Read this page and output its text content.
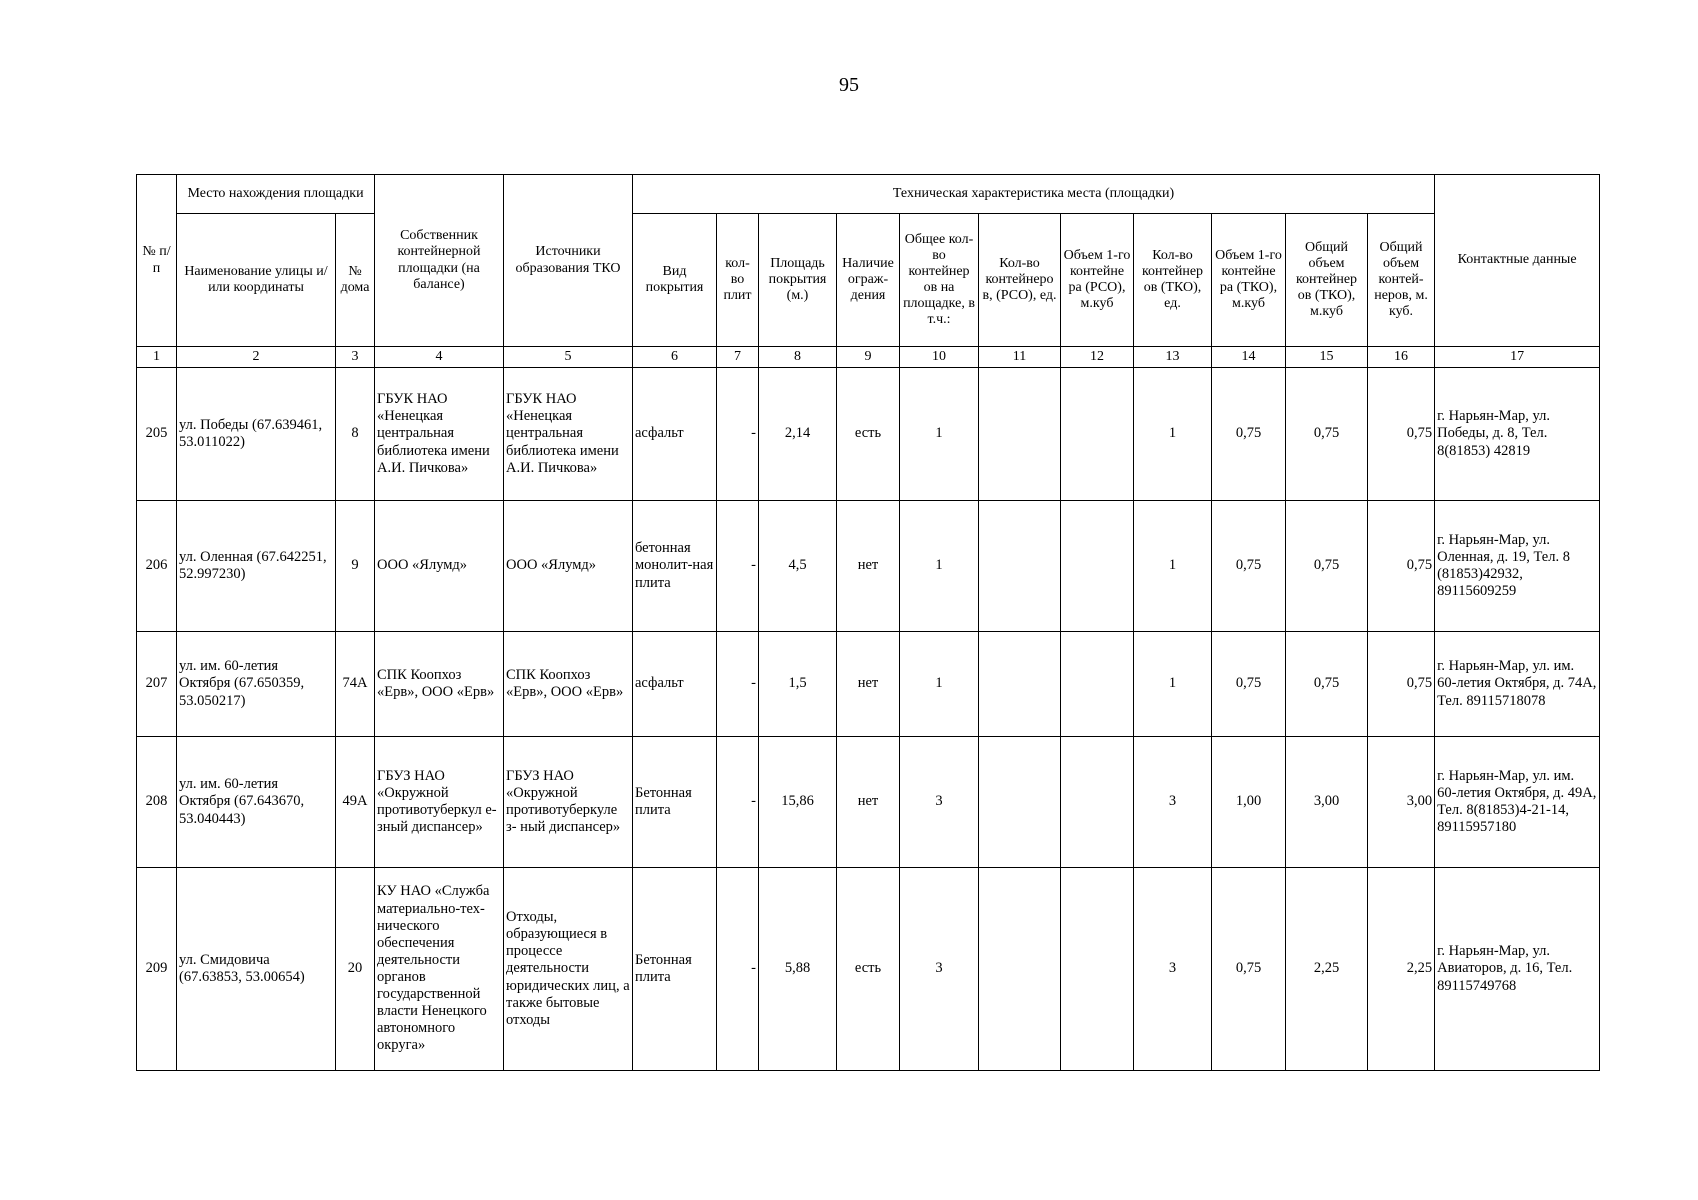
95
№ п/п	Место нахождения площадки		Собственник контейнерной площадки (на балансе)	Источники образования ТКО	Техническая характеристика места (площадки)											Контактные данные
	Наименование улицы и/или координаты	№ дома			Вид покрытия	кол-во плит	Площадь покрытия (м.)	Наличие ограж-дения	Общее кол-во контейнер ов на площадке, в т.ч.:	Кол-во контейнеро в, (РСО), ед.	Объем 1-го контейне ра (РСО), м.куб	Кол-во контейнер ов (ТКО), ед.	Объем 1-го контейне ра (ТКО), м.куб	Общий объем контейнер ов (ТКО), м.куб	Общий объем контей-неров, м. куб.	
1	2	3	4	5	6	7	8	9	10	11	12	13	14	15	16	17
205	ул. Победы (67.639461, 53.011022)	8	ГБУК НАО «Ненецкая центральная библиотека имени А.И. Пичкова»	ГБУК НАО «Ненецкая центральная библиотека имени А.И. Пичкова»	асфальт	-	2,14	есть	1			1	0,75	0,75	0,75	г. Нарьян-Мар, ул. Победы, д. 8, Тел. 8(81853) 42819
206	ул. Оленная (67.642251, 52.997230)	9	ООО «Ялумд»	ООО «Ялумд»	бетонная монолит-ная плита	-	4,5	нет	1			1	0,75	0,75	0,75	г. Нарьян-Мар, ул. Оленная, д. 19, Тел. 8 (81853)42932, 89115609259
207	ул. им. 60-летия Октября (67.650359, 53.050217)	74А	СПК Коопхоз «Ерв», ООО «Ерв»	СПК Коопхоз «Ерв», ООО «Ерв»	асфальт	-	1,5	нет	1			1	0,75	0,75	0,75	г. Нарьян-Мар, ул. им. 60-летия Октября, д. 74А, Тел. 89115718078
208	ул. им. 60-летия Октября (67.643670, 53.040443)	49А	ГБУЗ НАО «Окружной противотуберкул е- зный диспансер»	ГБУЗ НАО «Окружной противотуберкуле з- ный диспансер»	Бетонная плита	-	15,86	нет	3			3	1,00	3,00	3,00	г. Нарьян-Мар, ул. им. 60-летия Октября, д. 49А, Тел. 8(81853)4-21-14, 89115957180
209	ул. Смидовича (67.63853, 53.00654)	20	КУ НАО «Служба материально-тех-нического обеспечения деятельности органов государственной власти Ненецкого автономного округа»	Отходы, образующиеся в процессе деятельности юридических лиц, а также бытовые отходы	Бетонная плита	-	5,88	есть	3			3	0,75	2,25	2,25	г. Нарьян-Мар, ул. Авиаторов, д. 16, Тел. 89115749768
